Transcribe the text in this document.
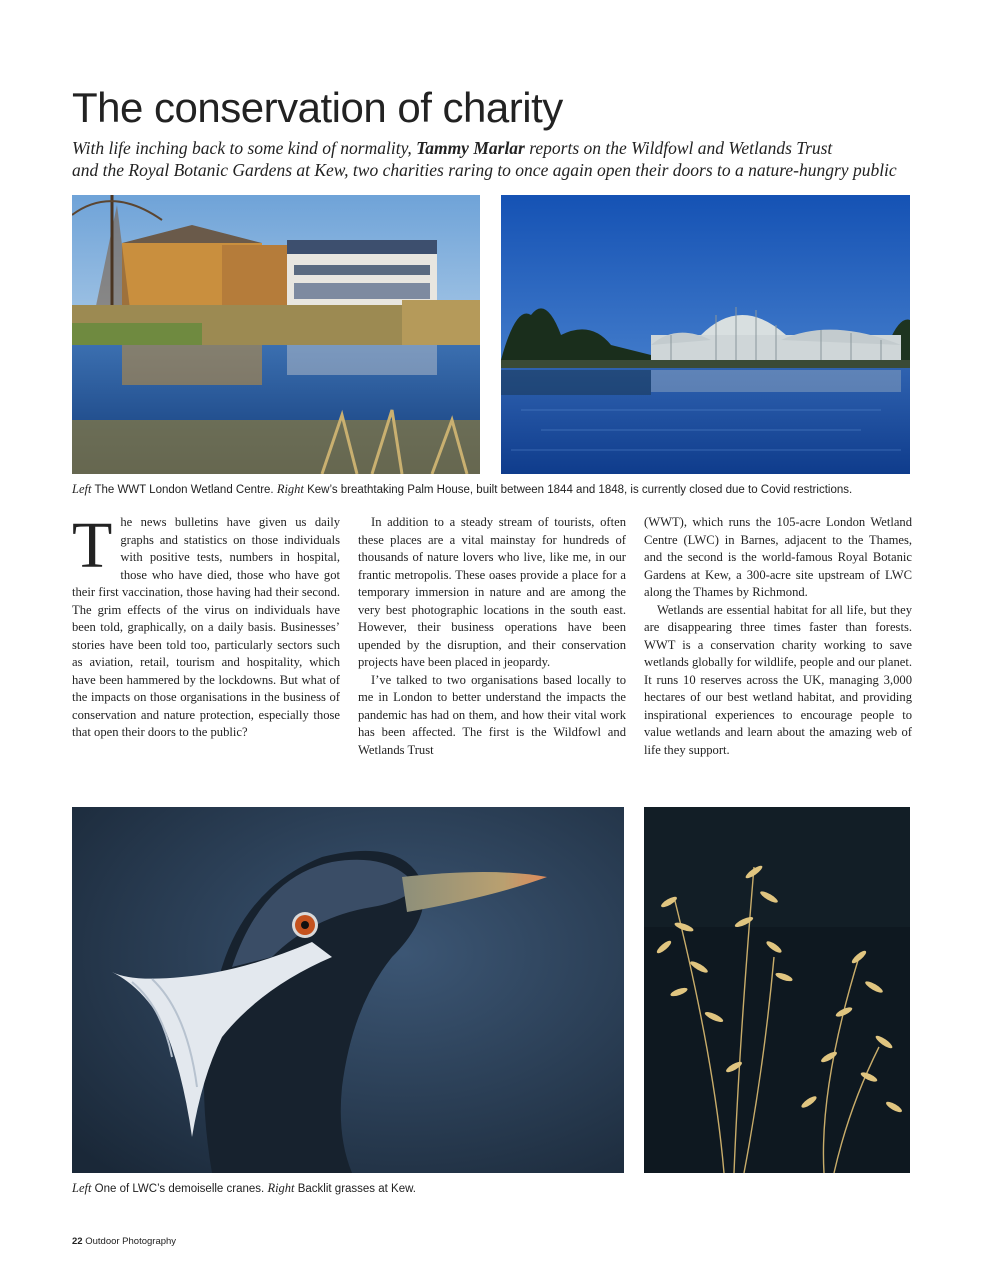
The conservation of charity
With life inching back to some kind of normality, Tammy Marlar reports on the Wildfowl and Wetlands Trust
and the Royal Botanic Gardens at Kew, two charities raring to once again open their doors to a nature-hungry public
Left The WWT London Wetland Centre. Right Kew’s breathtaking Palm House, built between 1844 and 1848, is currently closed due to Covid restrictions.

The news bulletins have given us daily graphs and statistics on those individuals with positive tests, numbers in hospital, those who have died, those who have got their first vaccination, those having had their second. The grim effects of the virus on individuals have been told, graphically, on a daily basis. Businesses’ stories have been told too, particularly sectors such as aviation, retail, tourism and hospitality, which have been hammered by the lockdowns. But what of the impacts on those organisations in the business of conservation and nature protection, especially those that open their doors to the public?

In addition to a steady stream of tourists, often these places are a vital mainstay for hundreds of thousands of nature lovers who live, like me, in our frantic metropolis. These oases provide a place for a temporary immersion in nature and are among the very best photographic locations in the south east. However, their business operations have been upended by the disruption, and their conservation projects have been placed in jeopardy.

I’ve talked to two organisations based locally to me in London to better understand the impacts the pandemic has had on them, and how their vital work has been affected. The first is the Wildfowl and Wetlands Trust

(WWT), which runs the 105-acre London Wetland Centre (LWC) in Barnes, adjacent to the Thames, and the second is the world-famous Royal Botanic Gardens at Kew, a 300-acre site upstream of LWC along the Thames by Richmond.

Wetlands are essential habitat for all life, but they are disappearing three times faster than forests. WWT is a conservation charity working to save wetlands globally for wildlife, people and our planet. It runs 10 reserves across the UK, managing 3,000 hectares of our best wetland habitat, and providing inspirational experiences to encourage people to value wetlands and learn about the amazing web of life they support.

Left One of LWC’s demoiselle cranes. Right Backlit grasses at Kew.
22 Outdoor Photography
